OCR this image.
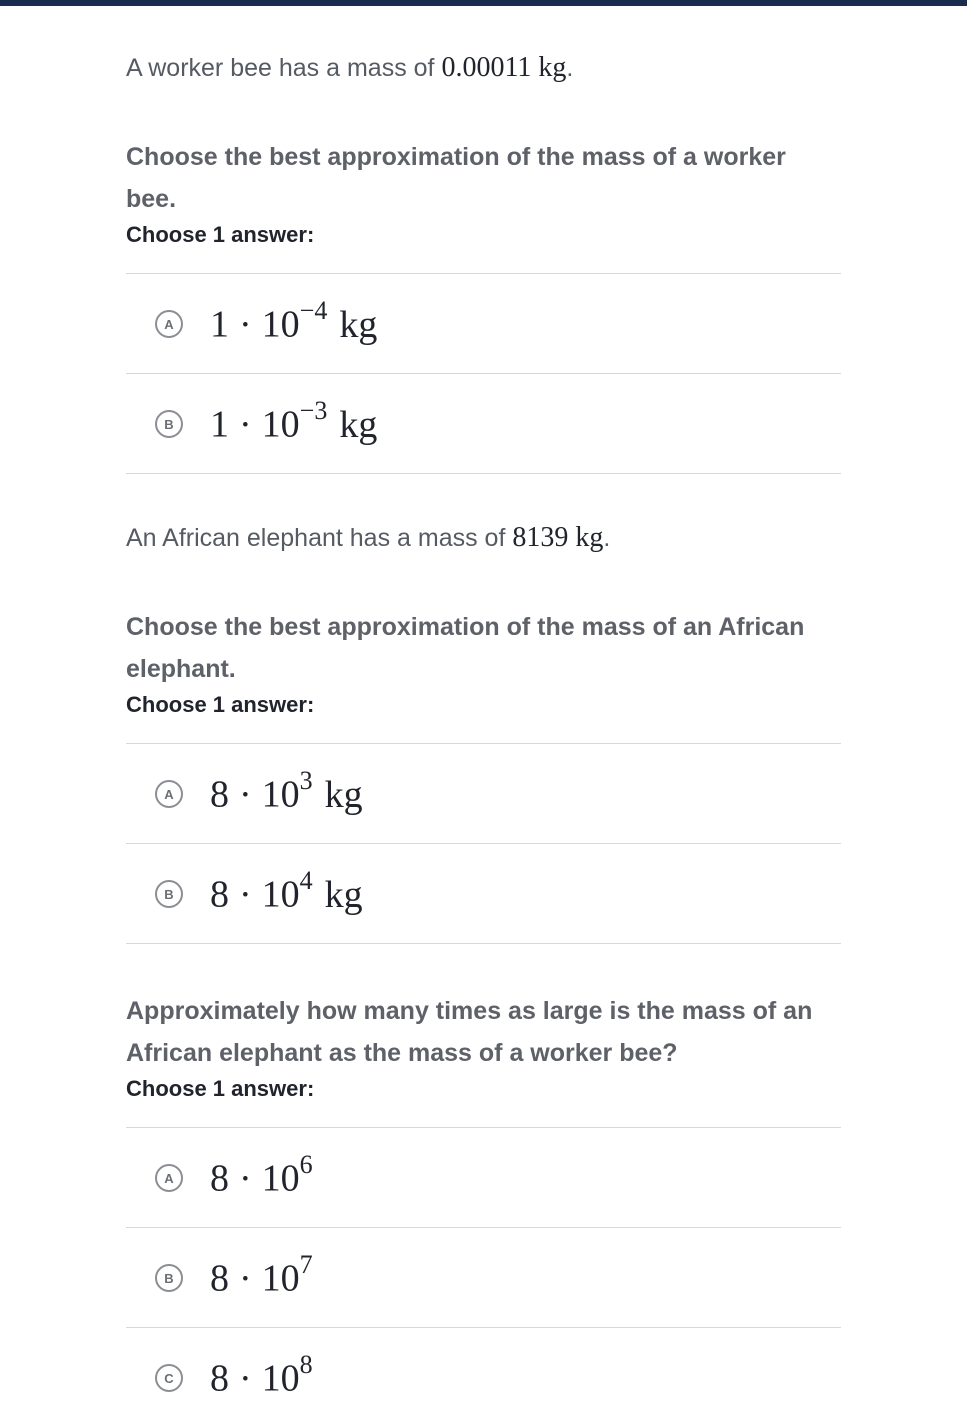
A worker bee has a mass of 0.00011 kg.
Choose the best approximation of the mass of a worker bee.
Choose 1 answer:
A $1 \cdot 10^{-4}$ kg
B $1 \cdot 10^{-3}$ kg
An African elephant has a mass of 8139 kg.
Choose the best approximation of the mass of an African elephant.
Choose 1 answer:
A $8 \cdot 10^3$ kg
B $8 \cdot 10^4$ kg
Approximately how many times as large is the mass of an African elephant as the mass of a worker bee?
Choose 1 answer:
A $8 \cdot 10^6$
B $8 \cdot 10^7$
C $8 \cdot 10^8$
